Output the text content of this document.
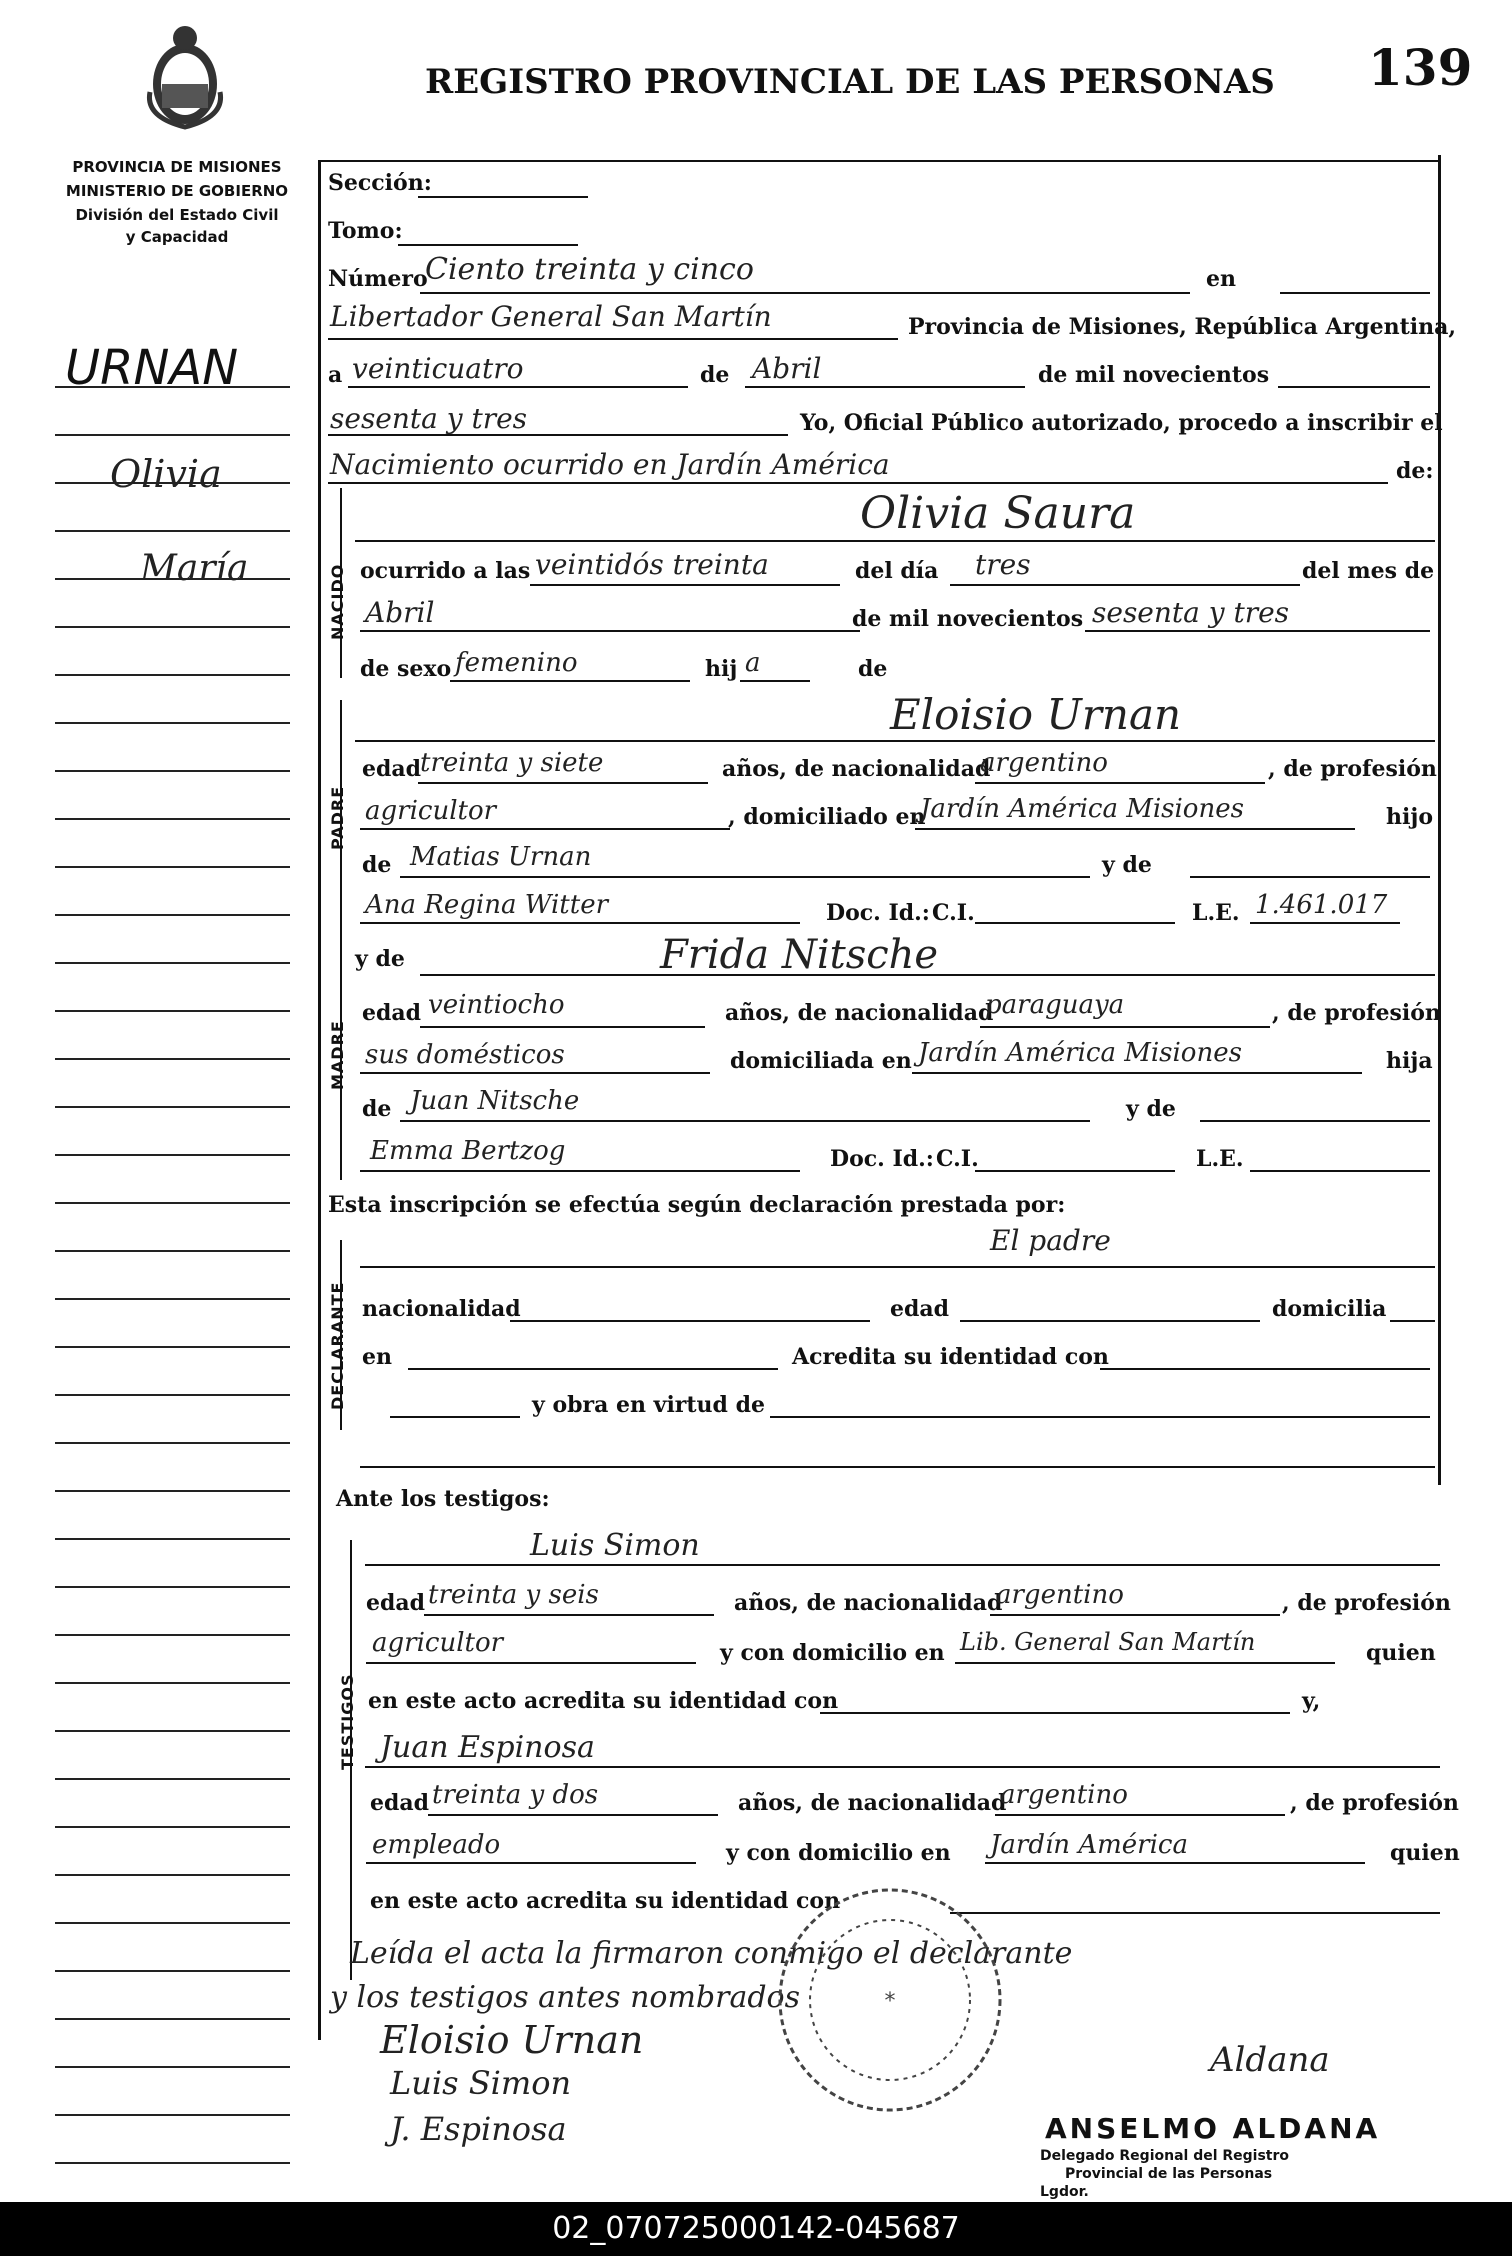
REGISTRO PROVINCIAL DE LAS PERSONAS 139
PROVINCIA DE MISIONES
MINISTERIO DE GOBIERNO
División del Estado Civil
y Capacidad
URNAN
Olivia
María
Sección:
Tomo:
Número
Ciento treinta y cinco	en
Libertador General San Martín	Provincia de Misiones, República Argentina,
a veinticuatro	de Abril	de mil novecientos
sesenta y tres	Yo, Oficial Público autorizado, procedo a inscribir el
Nacimiento ocurrido en Jardín América	de:
NACIDO
Olivia Saura
ocurrido a las veintidós treinta	del día tres	del mes de
Abril	de mil novecientos sesenta y tres
de sexo femenino	hij a	de
PADRE
Eloisio Urnan
edad
treinta y siete	años, de nacionalidad
argentino	, de profesión
agricultor	, domiciliado en
Jardín América Misiones	hijo
de Matias Urnan	y de
Ana Regina Witter	Doc. Id.: C.I.	L.E. 1.461.017
MADRE
y de	Frida Nitsche
edad veintiocho	años, de nacionalidad
paraguaya	, de profesión
sus domésticos	domiciliada en Jardín América Misiones	hija
de Juan Nitsche	y de
Emma Bertzog	Doc. Id.: C.I.	L.E.
Esta inscripción se efectúa según declaración prestada por:
DECLARANTE
El padre
nacionalidad	edad	domicilia
en	Acredita su identidad con
y obra en virtud de
Ante los testigos:
TESTIGOS
Luis Simon
edad treinta y seis	años, de nacionalidad
argentino	, de profesión
agricultor	y con domicilio en Lib. General San Martín	quien
en este acto acredita su identidad con	y,
Juan Espinosa
edad treinta y dos	años, de nacionalidad
argentino	, de profesión
empleado	y con domicilio en Jardín América	quien
en este acto acredita su identidad con
Leída el acta la firmaron conmigo el declarante
y los testigos antes nombrados
Eloisio Urnan
Luis Simon
J. Espinosa
Aldana
*
ANSELMO ALDANA
Delegado Regional del Registro
Provincial de las Personas
Lgdor.
02_070725000142-045687
